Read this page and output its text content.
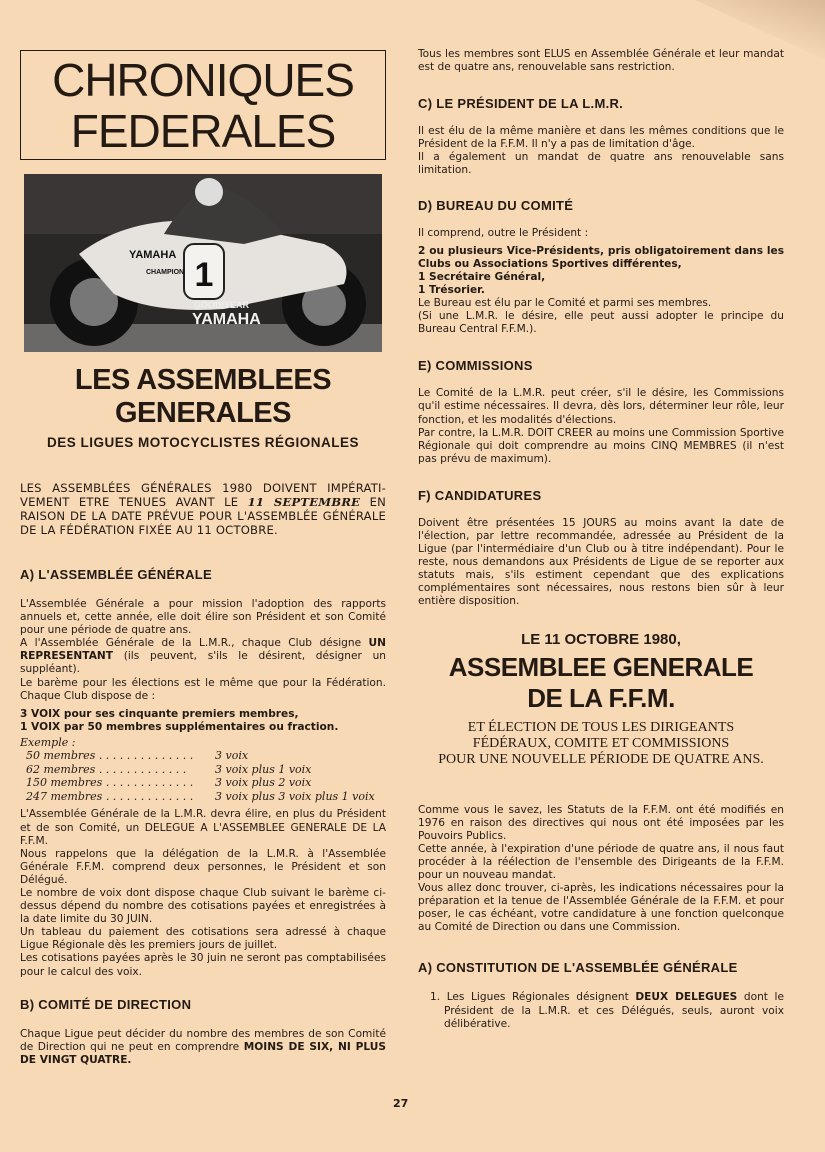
CHRONIQUES
FEDERALES
1
YAMAHA
CHAMPION
GOOD/YEAR
YAMAHA
LES ASSEMBLEES
GENERALES
DES LIGUES MOTOCYCLISTES RÉGIONALES
LES ASSEMBLÉES GÉNÉRALES 1980 DOIVENT IMPÉRATI-VEMENT ETRE TENUES AVANT LE 11 SEPTEMBRE EN RAISON DE LA DATE PRÉVUE POUR L'ASSEMBLÉE GÉNÉRALE DE LA FÉDÉRATION FIXÉE AU 11 OCTOBRE.
A) L'ASSEMBLÉE GÉNÉRALE

L'Assemblée Générale a pour mission l'adoption des rapports annuels et, cette année, elle doit élire son Président et son Comité pour une période de quatre ans.

A l'Assemblée Générale de la L.M.R., chaque Club désigne UN REPRESENTANT (ils peuvent, s'ils le désirent, désigner un suppléant).

Le barème pour les élections est le même que pour la Fédération. Chaque Club dispose de :

3 VOIX pour ses cinquante premiers membres,

1 VOIX par 50 membres supplémentaires ou fraction.

Exemple :
50 membres . . . . . . . . . . . . . .	3 voix
62 membres . . . . . . . . . . . . .	3 voix plus 1 voix
150 membres . . . . . . . . . . . . .	3 voix plus 2 voix
247 membres . . . . . . . . . . . . .	3 voix plus 3 voix plus 1 voix

L'Assemblée Générale de la L.M.R. devra élire, en plus du Président et de son Comité, un DELEGUE A L'ASSEMBLEE GENERALE DE LA F.F.M.

Nous rappelons que la délégation de la L.M.R. à l'Assemblée Générale F.F.M. comprend deux personnes, le Président et son Délégué.

Le nombre de voix dont dispose chaque Club suivant le barème ci-dessus dépend du nombre des cotisations payées et enregistrées à la date limite du 30 JUIN.

Un tableau du paiement des cotisations sera adressé à chaque Ligue Régionale dès les premiers jours de juillet.

Les cotisations payées après le 30 juin ne seront pas comptabilisées pour le calcul des voix.

B) COMITÉ DE DIRECTION

Chaque Ligue peut décider du nombre des membres de son Comité de Direction qui ne peut en comprendre MOINS DE SIX, NI PLUS DE VINGT QUATRE.

Tous les membres sont ELUS en Assemblée Générale et leur mandat est de quatre ans, renouvelable sans restriction.

C) LE PRÉSIDENT DE LA L.M.R.

Il est élu de la même manière et dans les mêmes conditions que le Président de la F.F.M. Il n'y a pas de limitation d'âge.

Il a également un mandat de quatre ans renouvelable sans limitation.

D) BUREAU DU COMITÉ

Il comprend, outre le Président :

2 ou plusieurs Vice-Présidents, pris obligatoirement dans les Clubs ou Associations Sportives différentes,

1 Secrétaire Général,

1 Trésorier.

Le Bureau est élu par le Comité et parmi ses membres.

(Si une L.M.R. le désire, elle peut aussi adopter le principe du Bureau Central F.F.M.).

E) COMMISSIONS

Le Comité de la L.M.R. peut créer, s'il le désire, les Commissions qu'il estime nécessaires. Il devra, dès lors, déterminer leur rôle, leur fonction, et les modalités d'élections.

Par contre, la L.M.R. DOIT CREER au moins une Commission Sportive Régionale qui doit comprendre au moins CINQ MEMBRES (il n'est pas prévu de maximum).

F) CANDIDATURES

Doivent être présentées 15 JOURS au moins avant la date de l'élection, par lettre recommandée, adressée au Président de la Ligue (par l'intermédiaire d'un Club ou à titre indépendant). Pour le reste, nous demandons aux Présidents de Ligue de se reporter aux statuts mais, s'ils estiment cependant que des explications complémentaires sont nécessaires, nous restons bien sûr à leur entière disposition.

LE 11 OCTOBRE 1980,
ASSEMBLEE GENERALE
DE LA F.F.M.
ET ÉLECTION DE TOUS LES DIRIGEANTS
FÉDÉRAUX, COMITE ET COMMISSIONS
POUR UNE NOUVELLE PÉRIODE DE QUATRE ANS.

Comme vous le savez, les Statuts de la F.F.M. ont été modifiés en 1976 en raison des directives qui nous ont été imposées par les Pouvoirs Publics.

Cette année, à l'expiration d'une période de quatre ans, il nous faut procéder à la réélection de l'ensemble des Dirigeants de la F.F.M. pour un nouveau mandat.

Vous allez donc trouver, ci-après, les indications nécessaires pour la préparation et la tenue de l'Assemblée Générale de la F.F.M. et pour poser, le cas échéant, votre candidature à une fonction quelconque au Comité de Direction ou dans une Commission.

A) CONSTITUTION DE L'ASSEMBLÉE GÉNÉRALE

1. Les Ligues Régionales désignent DEUX DELEGUES dont le Président de la L.M.R. et ces Délégués, seuls, auront voix délibérative.

27
